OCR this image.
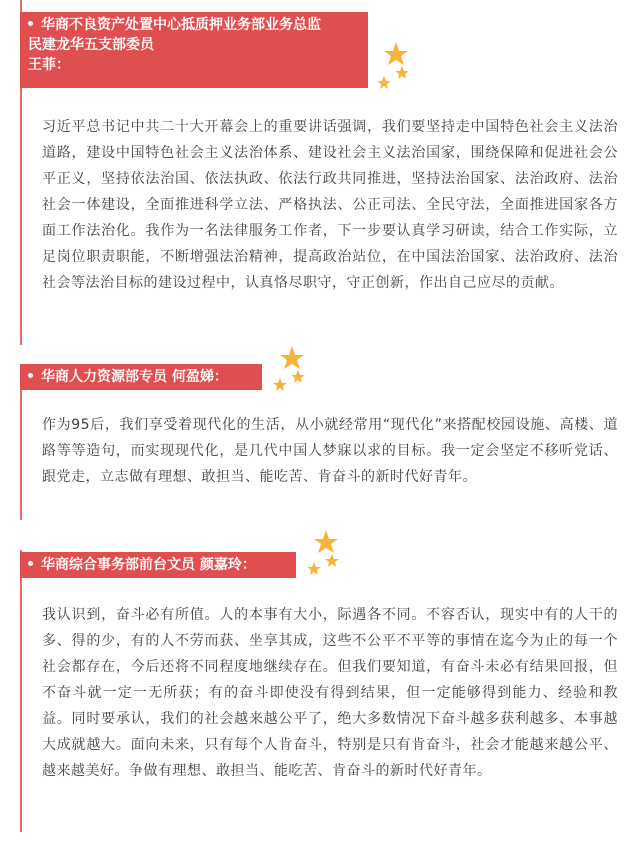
华商不良资产处置中心抵质押业务部业务总监
民建龙华五支部委员
王菲：
习近平总书记中共二十大开幕会上的重要讲话强调，我们要坚持走中国特色社会主义法治道路，建设中国特色社会主义法治体系、建设社会主义法治国家，围绕保障和促进社会公平正义，坚持依法治国、依法执政、依法行政共同推进，坚持法治国家、法治政府、法治社会一体建设，全面推进科学立法、严格执法、公正司法、全民守法，全面推进国家各方面工作法治化。我作为一名法律服务工作者，下一步要认真学习研读，结合工作实际，立足岗位职责职能，不断增强法治精神，提高政治站位，在中国法治国家、法治政府、法治社会等法治目标的建设过程中，认真恪尽职守，守正创新，作出自己应尽的贡献。
华商人力资源部专员 何盈娣：
作为95后，我们享受着现代化的生活，从小就经常用“现代化”来搭配校园设施、高楼、道路等等造句，而实现现代化，是几代中国人梦寐以求的目标。我一定会坚定不移听党话、跟党走，立志做有理想、敢担当、能吃苦、肯奋斗的新时代好青年。
华商综合事务部前台文员 颜嘉玲：
我认识到，奋斗必有所值。人的本事有大小，际遇各不同。不容否认，现实中有的人干的多、得的少，有的人不劳而获、坐享其成，这些不公平不平等的事情在迄今为止的每一个社会都存在，今后还将不同程度地继续存在。但我们要知道，有奋斗未必有结果回报，但不奋斗就一定一无所获；有的奋斗即使没有得到结果，但一定能够得到能力、经验和教益。同时要承认，我们的社会越来越公平了，绝大多数情况下奋斗越多获利越多、本事越大成就越大。面向未来，只有每个人肯奋斗，特别是只有肯奋斗，社会才能越来越公平、越来越美好。争做有理想、敢担当、能吃苦、肯奋斗的新时代好青年。
